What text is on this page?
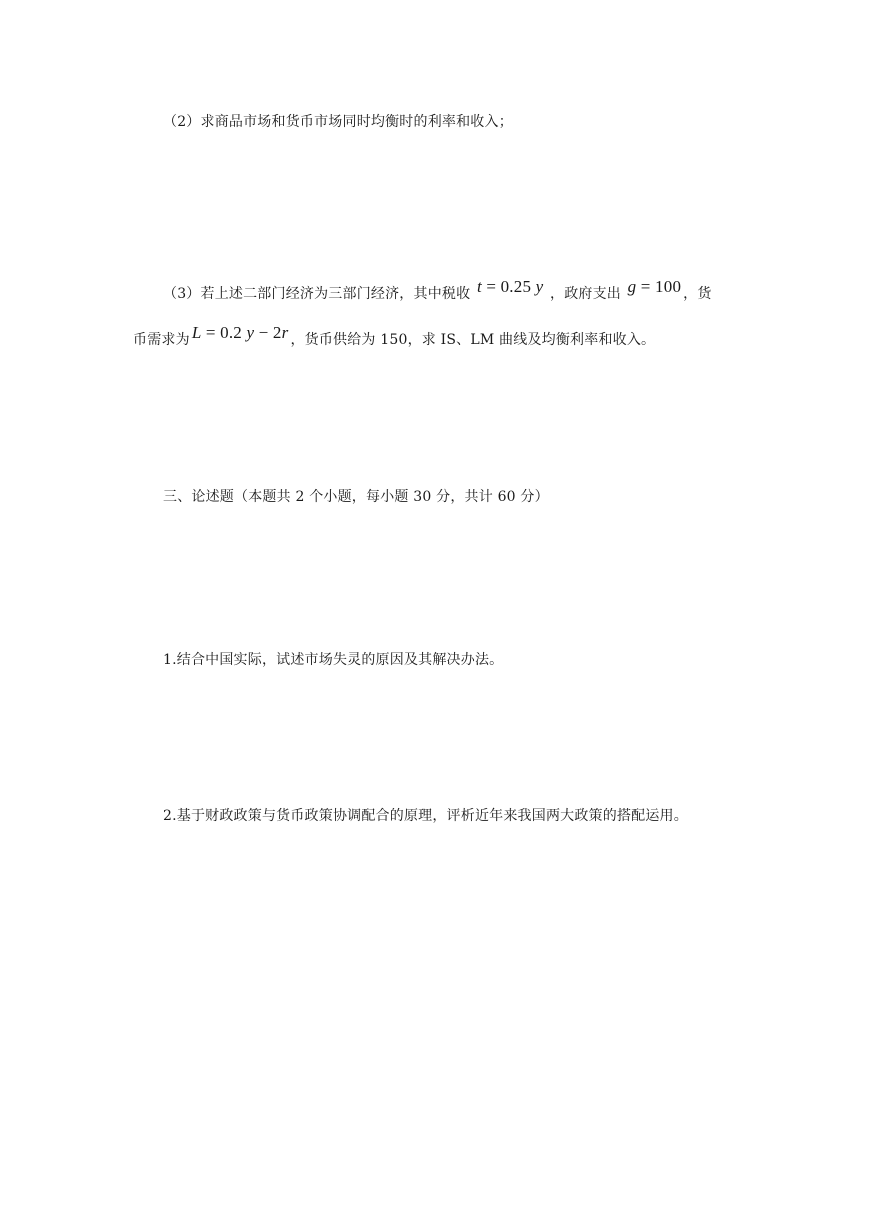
（2）求商品市场和货币市场同时均衡时的利率和收入；
（3）若上述二部门经济为三部门经济，其中税收 t = 0.25 y ，政府支出 g = 100 ，货
币需求为 L = 0.2 y − 2r ，货币供给为 150，求 IS、LM 曲线及均衡利率和收入。
三、论述题（本题共 2 个小题，每小题 30 分，共计 60 分）
1.结合中国实际，试述市场失灵的原因及其解决办法。
2.基于财政政策与货币政策协调配合的原理，评析近年来我国两大政策的搭配运用。
